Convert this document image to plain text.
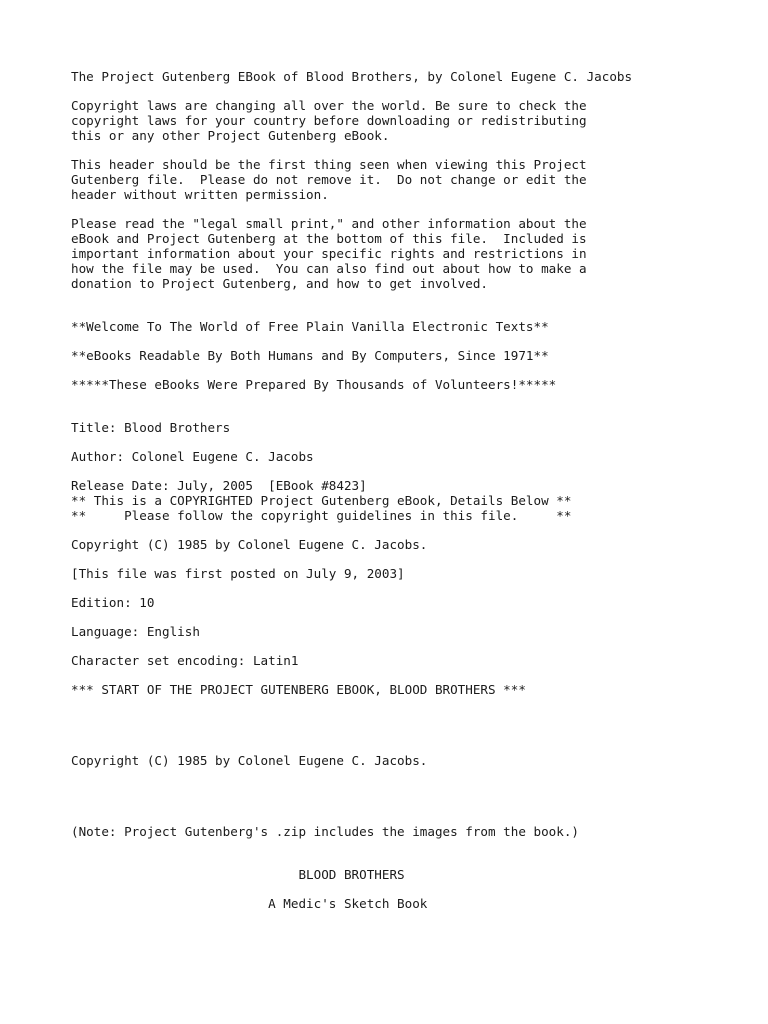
The Project Gutenberg EBook of Blood Brothers, by Colonel Eugene C. Jacobs
Copyright laws are changing all over the world. Be sure to check the
copyright laws for your country before downloading or redistributing
this or any other Project Gutenberg eBook.
This header should be the first thing seen when viewing this Project
Gutenberg file.  Please do not remove it.  Do not change or edit the
header without written permission.
Please read the "legal small print," and other information about the
eBook and Project Gutenberg at the bottom of this file.  Included is
important information about your specific rights and restrictions in
how the file may be used.  You can also find out about how to make a
donation to Project Gutenberg, and how to get involved.
**Welcome To The World of Free Plain Vanilla Electronic Texts**
**eBooks Readable By Both Humans and By Computers, Since 1971**
*****These eBooks Were Prepared By Thousands of Volunteers!*****
Title: Blood Brothers
Author: Colonel Eugene C. Jacobs
Release Date: July, 2005  [EBook #8423]
** This is a COPYRIGHTED Project Gutenberg eBook, Details Below **
**     Please follow the copyright guidelines in this file.     **
Copyright (C) 1985 by Colonel Eugene C. Jacobs.
[This file was first posted on July 9, 2003]
Edition: 10
Language: English
Character set encoding: Latin1
*** START OF THE PROJECT GUTENBERG EBOOK, BLOOD BROTHERS ***
Copyright (C) 1985 by Colonel Eugene C. Jacobs.
(Note: Project Gutenberg's .zip includes the images from the book.)
BLOOD BROTHERS
A Medic's Sketch Book
